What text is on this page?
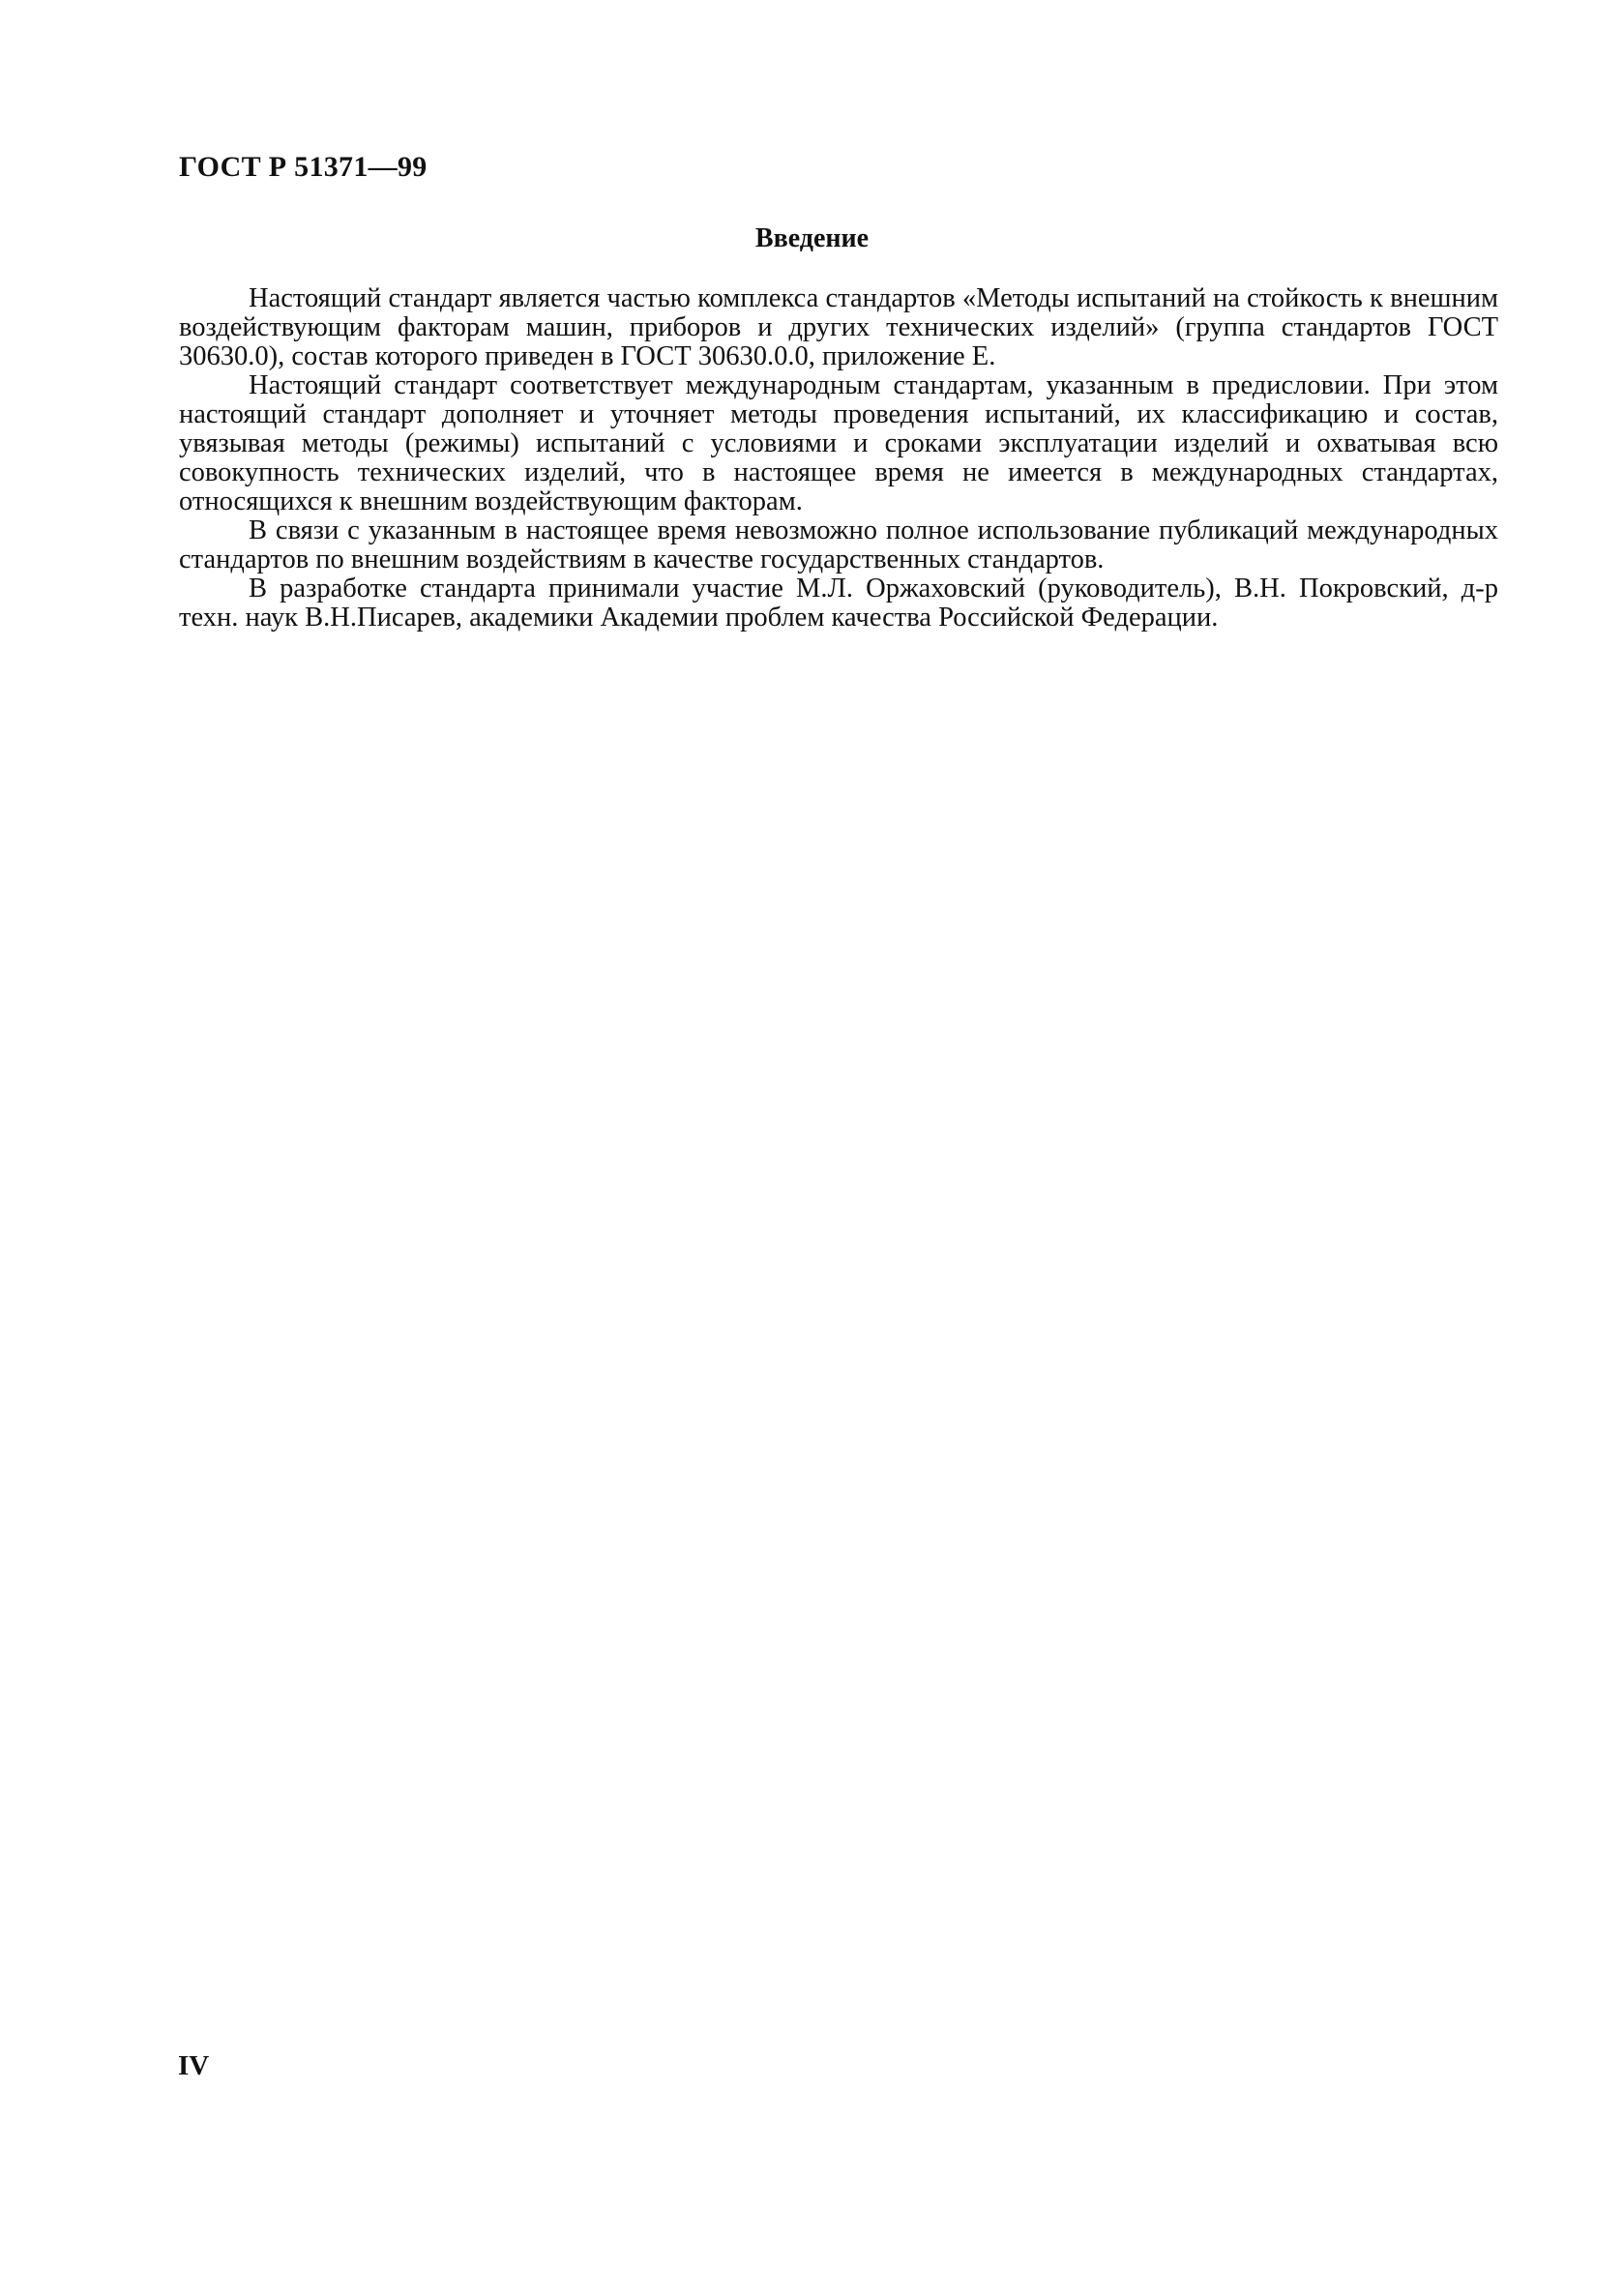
ГОСТ Р 51371—99
Введение

Настоящий стандарт является частью комплекса стандартов «Методы испытаний на стойкость к внешним воздействующим факторам машин, приборов и других технических изделий» (группа стандартов ГОСТ 30630.0), состав которого приведен в ГОСТ 30630.0.0, приложение Е.

Настоящий стандарт соответствует международным стандартам, указанным в предисловии. При этом настоящий стандарт дополняет и уточняет методы проведения испытаний, их классификацию и состав, увязывая методы (режимы) испытаний с условиями и сроками эксплуатации изделий и охватывая всю совокупность технических изделий, что в настоящее время не имеется в международных стандартах, относящихся к внешним воздействующим факторам.

В связи с указанным в настоящее время невозможно полное использование публикаций международных стандартов по внешним воздействиям в качестве государственных стандартов.

В разработке стандарта принимали участие М.Л. Оржаховский (руководитель), В.Н. Покровский, д-р техн. наук В.Н.Писарев, академики Академии проблем качества Российской Федерации.

IV
